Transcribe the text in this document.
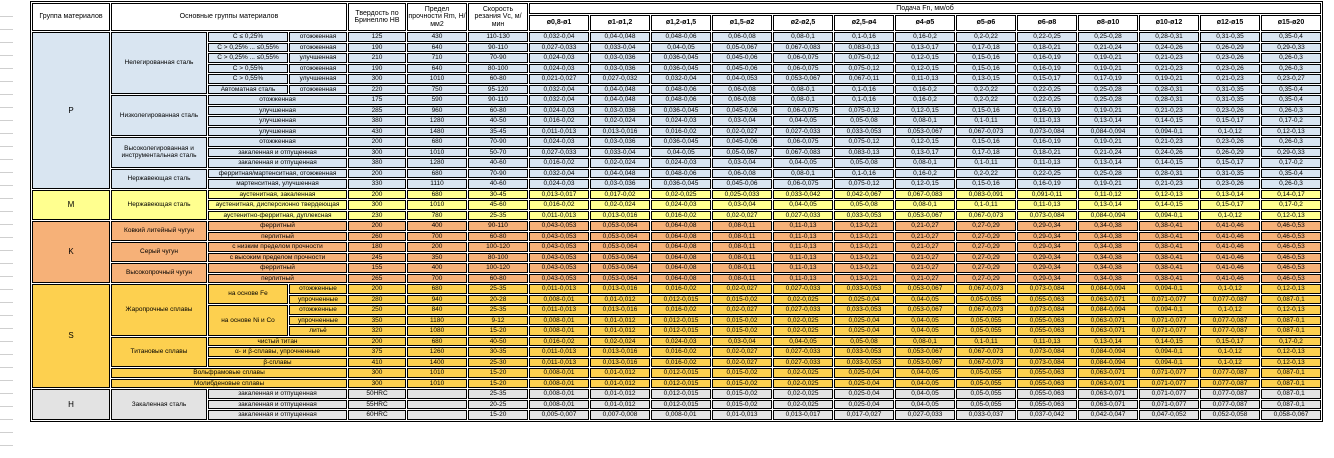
Группа материалов	Основные группы материалов			Твердость по Бринеллю НВ	Предел прочности Rm, Н/мм2	Скорость резания Vc, м/мин	Подача Fn, мм/об												
							ø0,8-ø1	ø1-ø1,2	ø1,2-ø1,5	ø1,5-ø2	ø2-ø2,5	ø2,5-ø4	ø4-ø5	ø5-ø6	ø6-ø8	ø8-ø10	ø10-ø12	ø12-ø15	ø15-ø20
P	Нелегированная сталь	C ≤ 0,25%	отожженная	125	430	110-130	0,032-0,04	0,04-0,048	0,048-0,06	0,06-0,08	0,08-0,1	0,1-0,16	0,16-0,2	0,2-0,22	0,22-0,25	0,25-0,28	0,28-0,31	0,31-0,35	0,35-0,4
		C > 0,25% ... ≤0,55%	отожженная	190	640	90-110	0,027-0,033	0,033-0,04	0,04-0,05	0,05-0,067	0,067-0,083	0,083-0,13	0,13-0,17	0,17-0,18	0,18-0,21	0,21-0,24	0,24-0,26	0,26-0,29	0,29-0,33
		C > 0,25% ... ≤0,55%	улучшенная	210	710	70-90	0,024-0,03	0,03-0,036	0,036-0,045	0,045-0,06	0,06-0,075	0,075-0,12	0,12-0,15	0,15-0,16	0,16-0,19	0,19-0,21	0,21-0,23	0,23-0,26	0,26-0,3
		C > 0,55%	отожженная	190	640	80-100	0,024-0,03	0,03-0,036	0,036-0,045	0,045-0,06	0,06-0,075	0,075-0,12	0,12-0,15	0,15-0,16	0,16-0,19	0,19-0,21	0,21-0,23	0,23-0,26	0,26-0,3
		C > 0,55%	улучшенная	300	1010	60-80	0,021-0,027	0,027-0,032	0,032-0,04	0,04-0,053	0,053-0,067	0,067-0,11	0,11-0,13	0,13-0,15	0,15-0,17	0,17-0,19	0,19-0,21	0,21-0,23	0,23-0,27
		Автоматная сталь	отожженная	220	750	95-120	0,032-0,04	0,04-0,048	0,048-0,06	0,06-0,08	0,08-0,1	0,1-0,16	0,16-0,2	0,2-0,22	0,22-0,25	0,25-0,28	0,28-0,31	0,31-0,35	0,35-0,4
	Низколегированная сталь	отожженная		175	590	90-110	0,032-0,04	0,04-0,048	0,048-0,06	0,06-0,08	0,08-0,1	0,1-0,16	0,16-0,2	0,2-0,22	0,22-0,25	0,25-0,28	0,28-0,31	0,31-0,35	0,35-0,4
		улучшенная		285	960	60-80	0,024-0,03	0,03-0,036	0,036-0,045	0,045-0,06	0,06-0,075	0,075-0,12	0,12-0,15	0,15-0,16	0,16-0,19	0,19-0,21	0,21-0,23	0,23-0,26	0,26-0,3
		улучшенная		380	1280	40-50	0,016-0,02	0,02-0,024	0,024-0,03	0,03-0,04	0,04-0,05	0,05-0,08	0,08-0,1	0,1-0,11	0,11-0,13	0,13-0,14	0,14-0,15	0,15-0,17	0,17-0,2
		улучшенная		430	1480	35-45	0,011-0,013	0,013-0,016	0,016-0,02	0,02-0,027	0,027-0,033	0,033-0,053	0,053-0,067	0,067-0,073	0,073-0,084	0,084-0,094	0,094-0,1	0,1-0,12	0,12-0,13
	Высоколегированная и инструментальная сталь	отожженная		200	680	70-90	0,024-0,03	0,03-0,036	0,036-0,045	0,045-0,06	0,06-0,075	0,075-0,12	0,12-0,15	0,15-0,16	0,16-0,19	0,19-0,21	0,21-0,23	0,23-0,26	0,26-0,3
		закаленная и отпущенная		300	1010	50-70	0,027-0,033	0,033-0,04	0,04-0,05	0,05-0,067	0,067-0,083	0,083-0,13	0,13-0,17	0,17-0,18	0,18-0,21	0,21-0,24	0,24-0,26	0,26-0,29	0,29-0,33
		закаленная и отпущенная		380	1280	40-60	0,016-0,02	0,02-0,024	0,024-0,03	0,03-0,04	0,04-0,05	0,05-0,08	0,08-0,1	0,1-0,11	0,11-0,13	0,13-0,14	0,14-0,15	0,15-0,17	0,17-0,2
	Нержавеющая сталь	ферритная/мартенситная, отожженная		200	680	70-90	0,032-0,04	0,04-0,048	0,048-0,06	0,06-0,08	0,08-0,1	0,1-0,16	0,16-0,2	0,2-0,22	0,22-0,25	0,25-0,28	0,28-0,31	0,31-0,35	0,35-0,4
		мартенситная, улучшенная		330	1110	40-60	0,024-0,03	0,03-0,036	0,036-0,045	0,045-0,06	0,06-0,075	0,075-0,12	0,12-0,15	0,15-0,16	0,16-0,19	0,19-0,21	0,21-0,23	0,23-0,26	0,26-0,3
M	Нержавеющая сталь	аустенитная, закаленная		200	680	30-45	0,013-0,017	0,017-0,02	0,02-0,025	0,025-0,033	0,033-0,042	0,042-0,067	0,067-0,083	0,083-0,091	0,091-0,11	0,11-0,12	0,12-0,13	0,13-0,14	0,14-0,17
		аустенитная, дисперсионно твердеющая		300	1010	45-60	0,016-0,02	0,02-0,024	0,024-0,03	0,03-0,04	0,04-0,05	0,05-0,08	0,08-0,1	0,1-0,11	0,11-0,13	0,13-0,14	0,14-0,15	0,15-0,17	0,17-0,2
		аустенитно-ферритная, дуплексная		230	780	25-35	0,011-0,013	0,013-0,016	0,016-0,02	0,02-0,027	0,027-0,033	0,033-0,053	0,053-0,067	0,067-0,073	0,073-0,084	0,084-0,094	0,094-0,1	0,1-0,12	0,12-0,13
K	Ковкий литейный чугун	ферритный		200	400	90-110	0,043-0,053	0,053-0,064	0,064-0,08	0,08-0,11	0,11-0,13	0,13-0,21	0,21-0,27	0,27-0,29	0,29-0,34	0,34-0,38	0,38-0,41	0,41-0,46	0,46-0,53
		перлитный		260	700	60-80	0,043-0,053	0,053-0,064	0,064-0,08	0,08-0,11	0,11-0,13	0,13-0,21	0,21-0,27	0,27-0,29	0,29-0,34	0,34-0,38	0,38-0,41	0,41-0,46	0,46-0,53
	Серый чугун	с низким пределом прочности		180	200	100-120	0,043-0,053	0,053-0,064	0,064-0,08	0,08-0,11	0,11-0,13	0,13-0,21	0,21-0,27	0,27-0,29	0,29-0,34	0,34-0,38	0,38-0,41	0,41-0,46	0,46-0,53
		с высоким пределом прочности		245	350	80-100	0,043-0,053	0,053-0,064	0,064-0,08	0,08-0,11	0,11-0,13	0,13-0,21	0,21-0,27	0,27-0,29	0,29-0,34	0,34-0,38	0,38-0,41	0,41-0,46	0,46-0,53
	Высокопрочный чугун	ферритный		155	400	100-120	0,043-0,053	0,053-0,064	0,064-0,08	0,08-0,11	0,11-0,13	0,13-0,21	0,21-0,27	0,27-0,29	0,29-0,34	0,34-0,38	0,38-0,41	0,41-0,46	0,46-0,53
		перлитный		265	700	60-80	0,043-0,053	0,053-0,064	0,064-0,08	0,08-0,11	0,11-0,13	0,13-0,21	0,21-0,27	0,27-0,29	0,29-0,34	0,34-0,38	0,38-0,41	0,41-0,46	0,46-0,53
S	Жаропрочные сплавы	на основе Fe	отожженные	200	680	25-35	0,011-0,013	0,013-0,016	0,016-0,02	0,02-0,027	0,027-0,033	0,033-0,053	0,053-0,067	0,067-0,073	0,073-0,084	0,084-0,094	0,094-0,1	0,1-0,12	0,12-0,13
			упрочненные	280	940	20-28	0,008-0,01	0,01-0,012	0,012-0,015	0,015-0,02	0,02-0,025	0,025-0,04	0,04-0,05	0,05-0,055	0,055-0,063	0,063-0,071	0,071-0,077	0,077-0,087	0,087-0,1
		на основе Ni и Co	отожженные	250	840	25-35	0,011-0,013	0,013-0,016	0,016-0,02	0,02-0,027	0,027-0,033	0,033-0,053	0,053-0,067	0,067-0,073	0,073-0,084	0,084-0,094	0,094-0,1	0,1-0,12	0,12-0,13
			упрочненные	350	1180	9-12	0,008-0,01	0,01-0,012	0,012-0,015	0,015-0,02	0,02-0,025	0,025-0,04	0,04-0,05	0,05-0,055	0,055-0,063	0,063-0,071	0,071-0,077	0,077-0,087	0,087-0,1
			литьё	320	1080	15-20	0,008-0,01	0,01-0,012	0,012-0,015	0,015-0,02	0,02-0,025	0,025-0,04	0,04-0,05	0,05-0,055	0,055-0,063	0,063-0,071	0,071-0,077	0,077-0,087	0,087-0,1
	Титановые сплавы	чистый титан		200	680	40-50	0,016-0,02	0,02-0,024	0,024-0,03	0,03-0,04	0,04-0,05	0,05-0,08	0,08-0,1	0,1-0,11	0,11-0,13	0,13-0,14	0,14-0,15	0,15-0,17	0,17-0,2
		α- и β-сплавы, упрочненные		375	1260	30-35	0,011-0,013	0,013-0,016	0,016-0,02	0,02-0,027	0,027-0,033	0,033-0,053	0,053-0,067	0,067-0,073	0,073-0,084	0,084-0,094	0,094-0,1	0,1-0,12	0,12-0,13
		β-сплавы		410	1400	25-30	0,011-0,013	0,013-0,016	0,016-0,02	0,02-0,027	0,027-0,033	0,033-0,053	0,053-0,067	0,067-0,073	0,073-0,084	0,084-0,094	0,094-0,1	0,1-0,12	0,12-0,13
	Вольфрамовые сплавы			300	1010	15-20	0,008-0,01	0,01-0,012	0,012-0,015	0,015-0,02	0,02-0,025	0,025-0,04	0,04-0,05	0,05-0,055	0,055-0,063	0,063-0,071	0,071-0,077	0,077-0,087	0,087-0,1
	Молибденовые сплавы			300	1010	15-20	0,008-0,01	0,01-0,012	0,012-0,015	0,015-0,02	0,02-0,025	0,025-0,04	0,04-0,05	0,05-0,055	0,055-0,063	0,063-0,071	0,071-0,077	0,077-0,087	0,087-0,1
H	Закаленная сталь	закаленная и отпущенная		50HRC		25-35	0,008-0,01	0,01-0,012	0,012-0,015	0,015-0,02	0,02-0,025	0,025-0,04	0,04-0,05	0,05-0,055	0,055-0,063	0,063-0,071	0,071-0,077	0,077-0,087	0,087-0,1
		закаленная и отпущенная		55HRC		20-25	0,008-0,01	0,01-0,012	0,012-0,015	0,015-0,02	0,02-0,025	0,025-0,04	0,04-0,05	0,05-0,055	0,055-0,063	0,063-0,071	0,071-0,077	0,077-0,087	0,087-0,1
		закаленная и отпущенная		60HRC		15-20	0,005-0,007	0,007-0,008	0,008-0,01	0,01-0,013	0,013-0,017	0,017-0,027	0,027-0,033	0,033-0,037	0,037-0,042	0,042-0,047	0,047-0,052	0,052-0,058	0,058-0,067
